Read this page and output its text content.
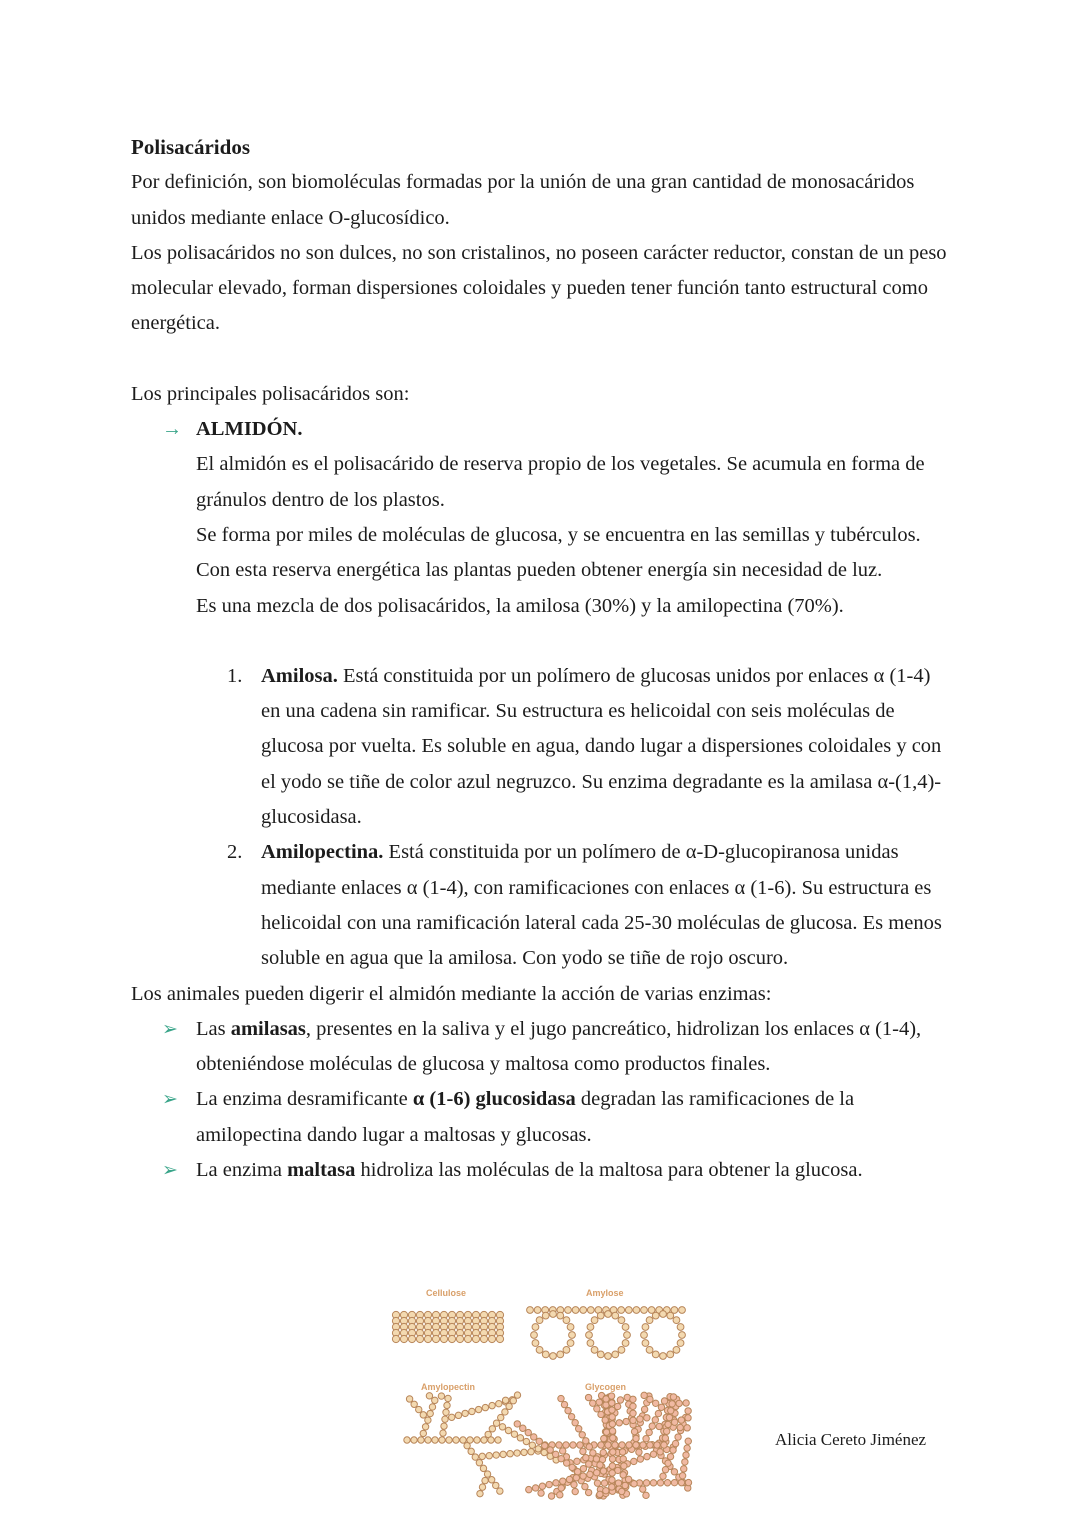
Polisacáridos

Por definición, son biomoléculas formadas por la unión de una gran cantidad de monosacáridos unidos mediante enlace O-glucosídico.

Los polisacáridos no son dulces, no son cristalinos, no poseen carácter reductor, constan de un peso molecular elevado, forman dispersiones coloidales y pueden tener función tanto estructural como energética.

Los principales polisacáridos son:

→ ALMIDÓN.

El almidón es el polisacárido de reserva propio de los vegetales. Se acumula en forma de gránulos dentro de los plastos.

Se forma por miles de moléculas de glucosa, y se encuentra en las semillas y tubérculos. Con esta reserva energética las plantas pueden obtener energía sin necesidad de luz.

Es una mezcla de dos polisacáridos, la amilosa (30%) y la amilopectina (70%).

1. Amilosa. Está constituida por un polímero de glucosas unidos por enlaces α (1-4) en una cadena sin ramificar. Su estructura es helicoidal con seis moléculas de glucosa por vuelta. Es soluble en agua, dando lugar a dispersiones coloidales y con el yodo se tiñe de color azul negruzco. Su enzima degradante es la amilasa α-(1,4)-glucosidasa.
2. Amilopectina. Está constituida por un polímero de α-D-glucopiranosa unidas mediante enlaces α (1-4), con ramificaciones con enlaces α (1-6). Su estructura es helicoidal con una ramificación lateral cada 25-30 moléculas de glucosa. Es menos soluble en agua que la amilosa. Con yodo se tiñe de rojo oscuro.

Los animales pueden digerir el almidón mediante la acción de varias enzimas:

➢ Las amilasas, presentes en la saliva y el jugo pancreático, hidrolizan los enlaces α (1-4), obteniéndose moléculas de glucosa y maltosa como productos finales.
➢ La enzima desramificante α (1-6) glucosidasa degradan las ramificaciones de la amilopectina dando lugar a maltosas y glucosas.
➢ La enzima maltasa hidroliza las moléculas de la maltosa para obtener la glucosa.
Cellulose	Amylose
Amylopectin	Glycogen
Alicia Cereto Jiménez
